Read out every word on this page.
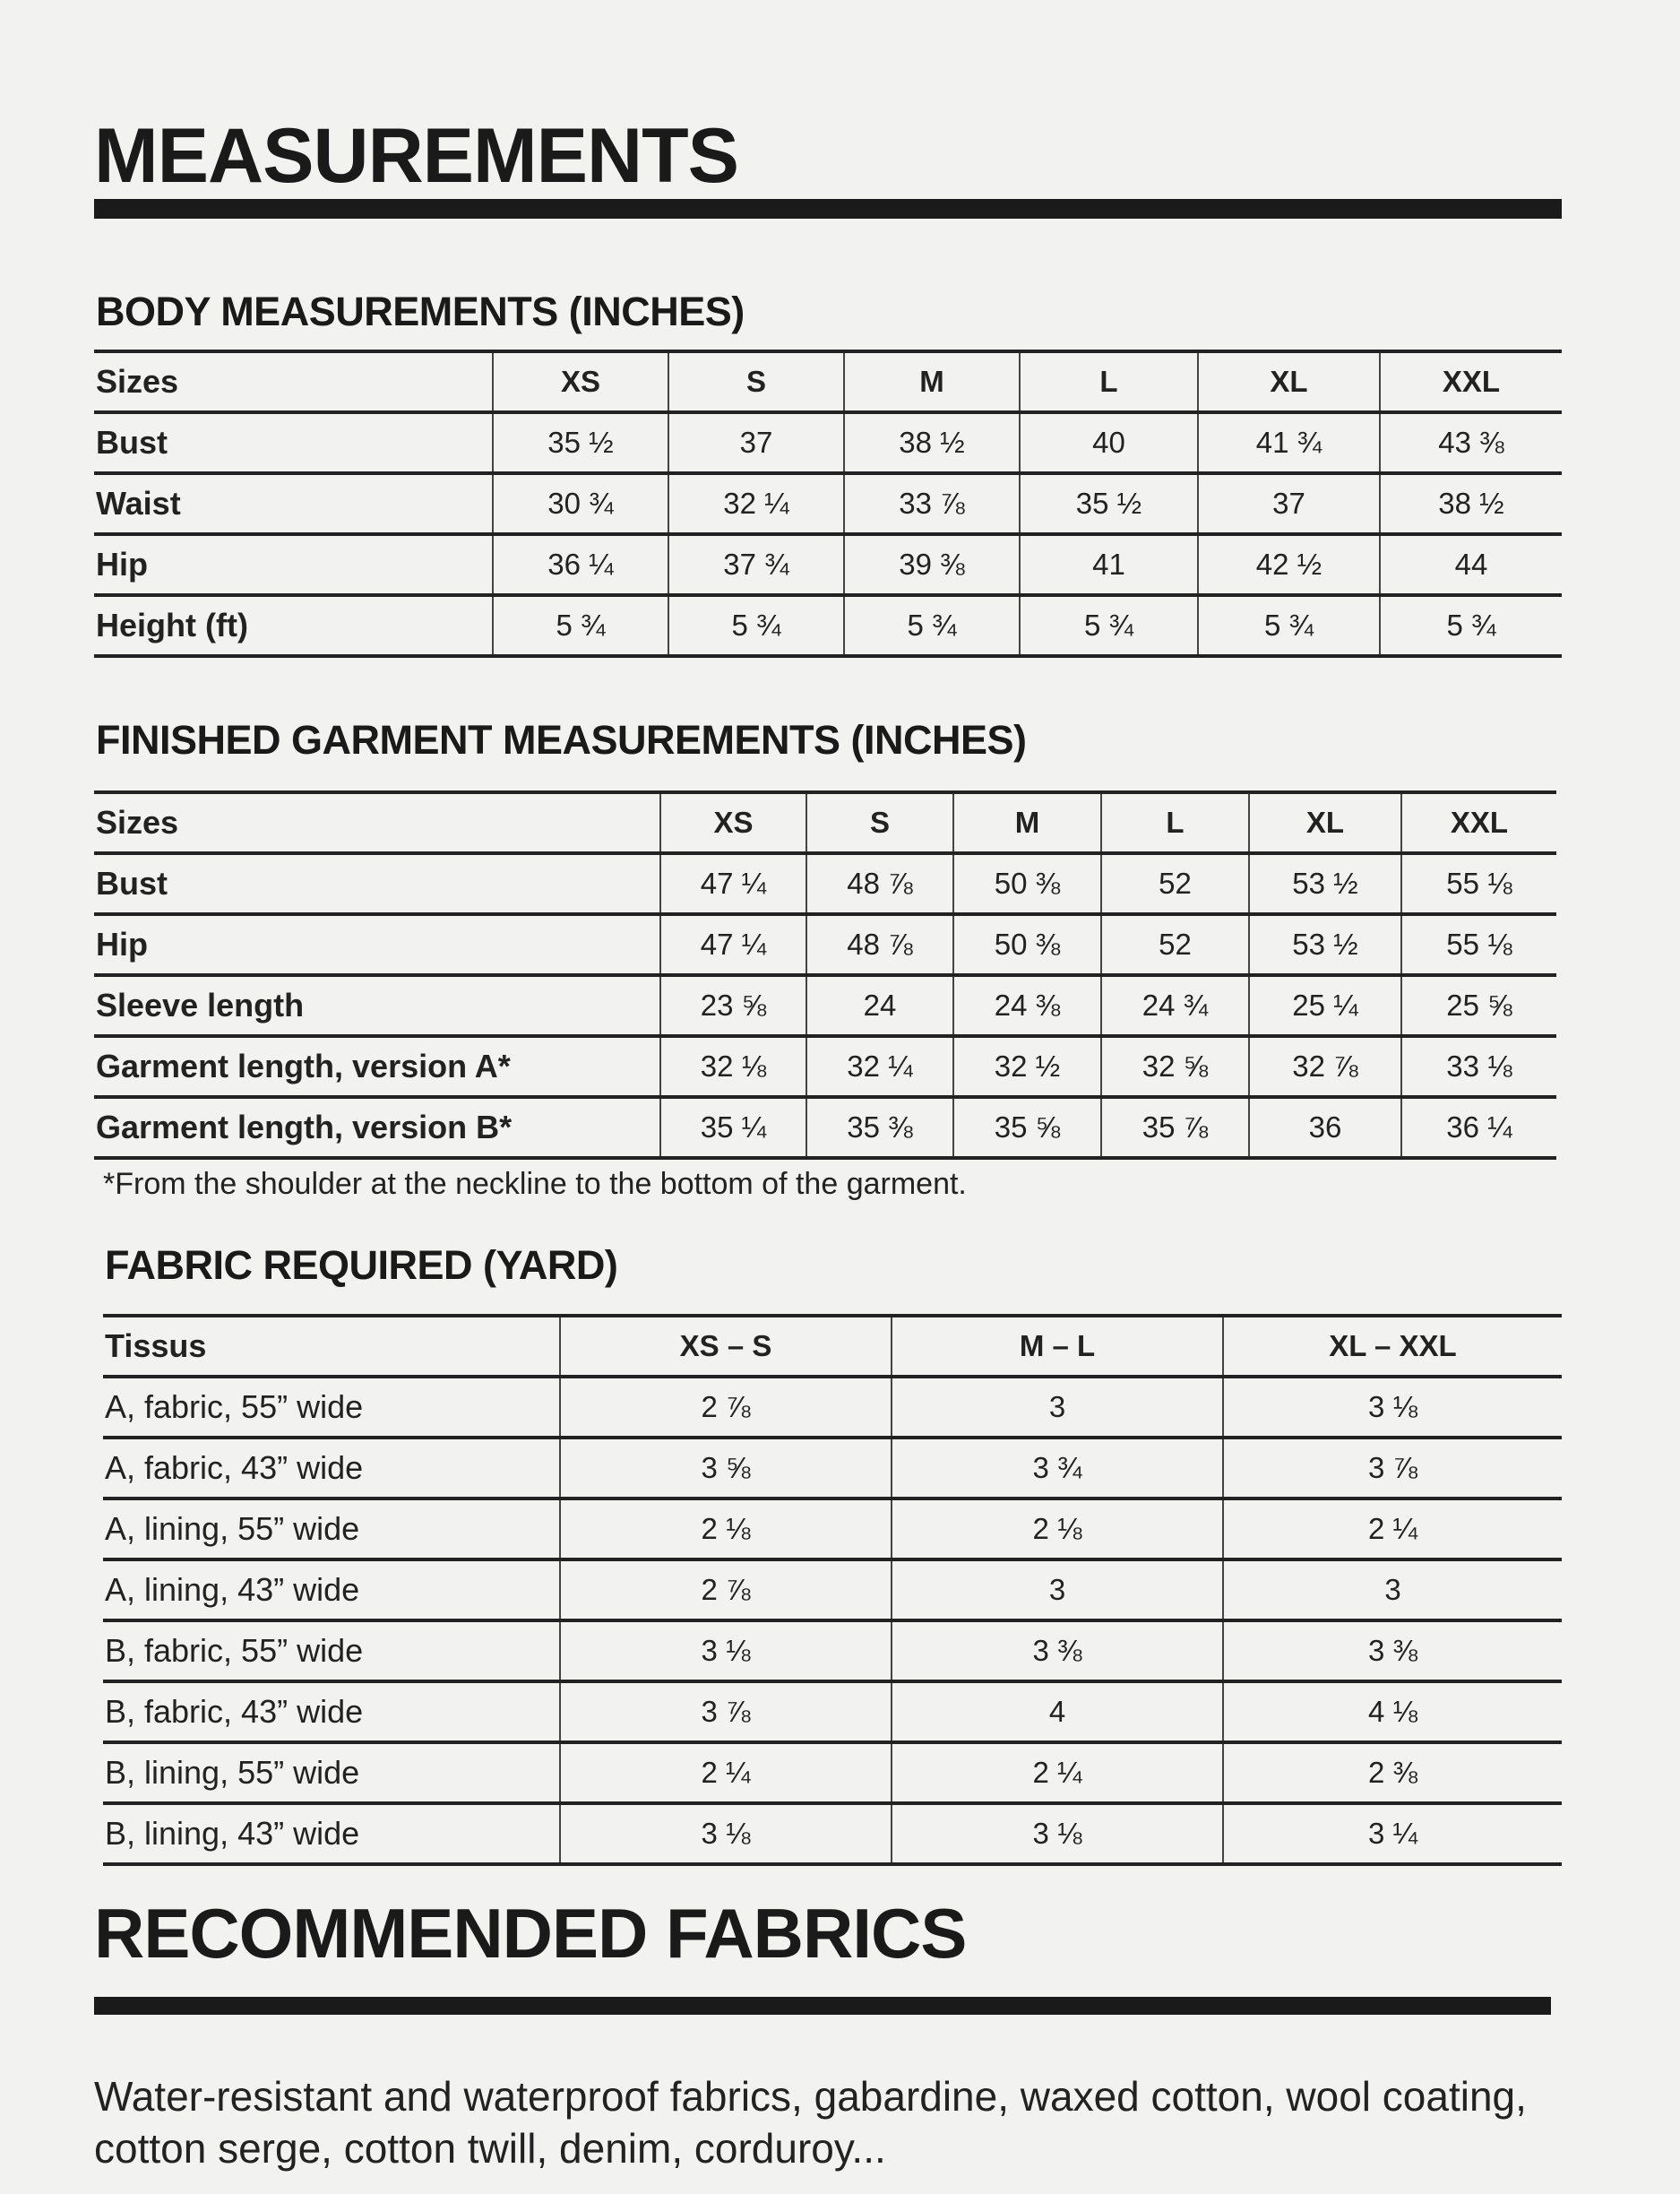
MEASUREMENTS
BODY MEASUREMENTS (INCHES)
Sizes	XS	S	M	L	XL	XXL
Bust	35 ½	37	38 ½	40	41 ¾	43 ⅜
Waist	30 ¾	32 ¼	33 ⅞	35 ½	37	38 ½
Hip	36 ¼	37 ¾	39 ⅜	41	42 ½	44
Height (ft)	5 ¾	5 ¾	5 ¾	5 ¾	5 ¾	5 ¾
FINISHED GARMENT MEASUREMENTS (INCHES)
Sizes	XS	S	M	L	XL	XXL
Bust	47 ¼	48 ⅞	50 ⅜	52	53 ½	55 ⅛
Hip	47 ¼	48 ⅞	50 ⅜	52	53 ½	55 ⅛
Sleeve length	23 ⅝	24	24 ⅜	24 ¾	25 ¼	25 ⅝
Garment length, version A*	32 ⅛	32 ¼	32 ½	32 ⅝	32 ⅞	33 ⅛
Garment length, version B*	35 ¼	35 ⅜	35 ⅝	35 ⅞	36	36 ¼
*From the shoulder at the neckline to the bottom of the garment.
FABRIC REQUIRED (YARD)
Tissus	XS – S	M – L	XL – XXL
A, fabric, 55” wide	2 ⅞	3	3 ⅛
A, fabric, 43” wide	3 ⅝	3 ¾	3 ⅞
A, lining, 55” wide	2 ⅛	2 ⅛	2 ¼
A, lining, 43” wide	2 ⅞	3	3
B, fabric, 55” wide	3 ⅛	3 ⅜	3 ⅜
B, fabric, 43” wide	3 ⅞	4	4 ⅛
B, lining, 55” wide	2 ¼	2 ¼	2 ⅜
B, lining, 43” wide	3 ⅛	3 ⅛	3 ¼
RECOMMENDED FABRICS
Water-resistant and waterproof fabrics, gabardine, waxed cotton, wool coating, cotton serge, cotton twill, denim, corduroy...
